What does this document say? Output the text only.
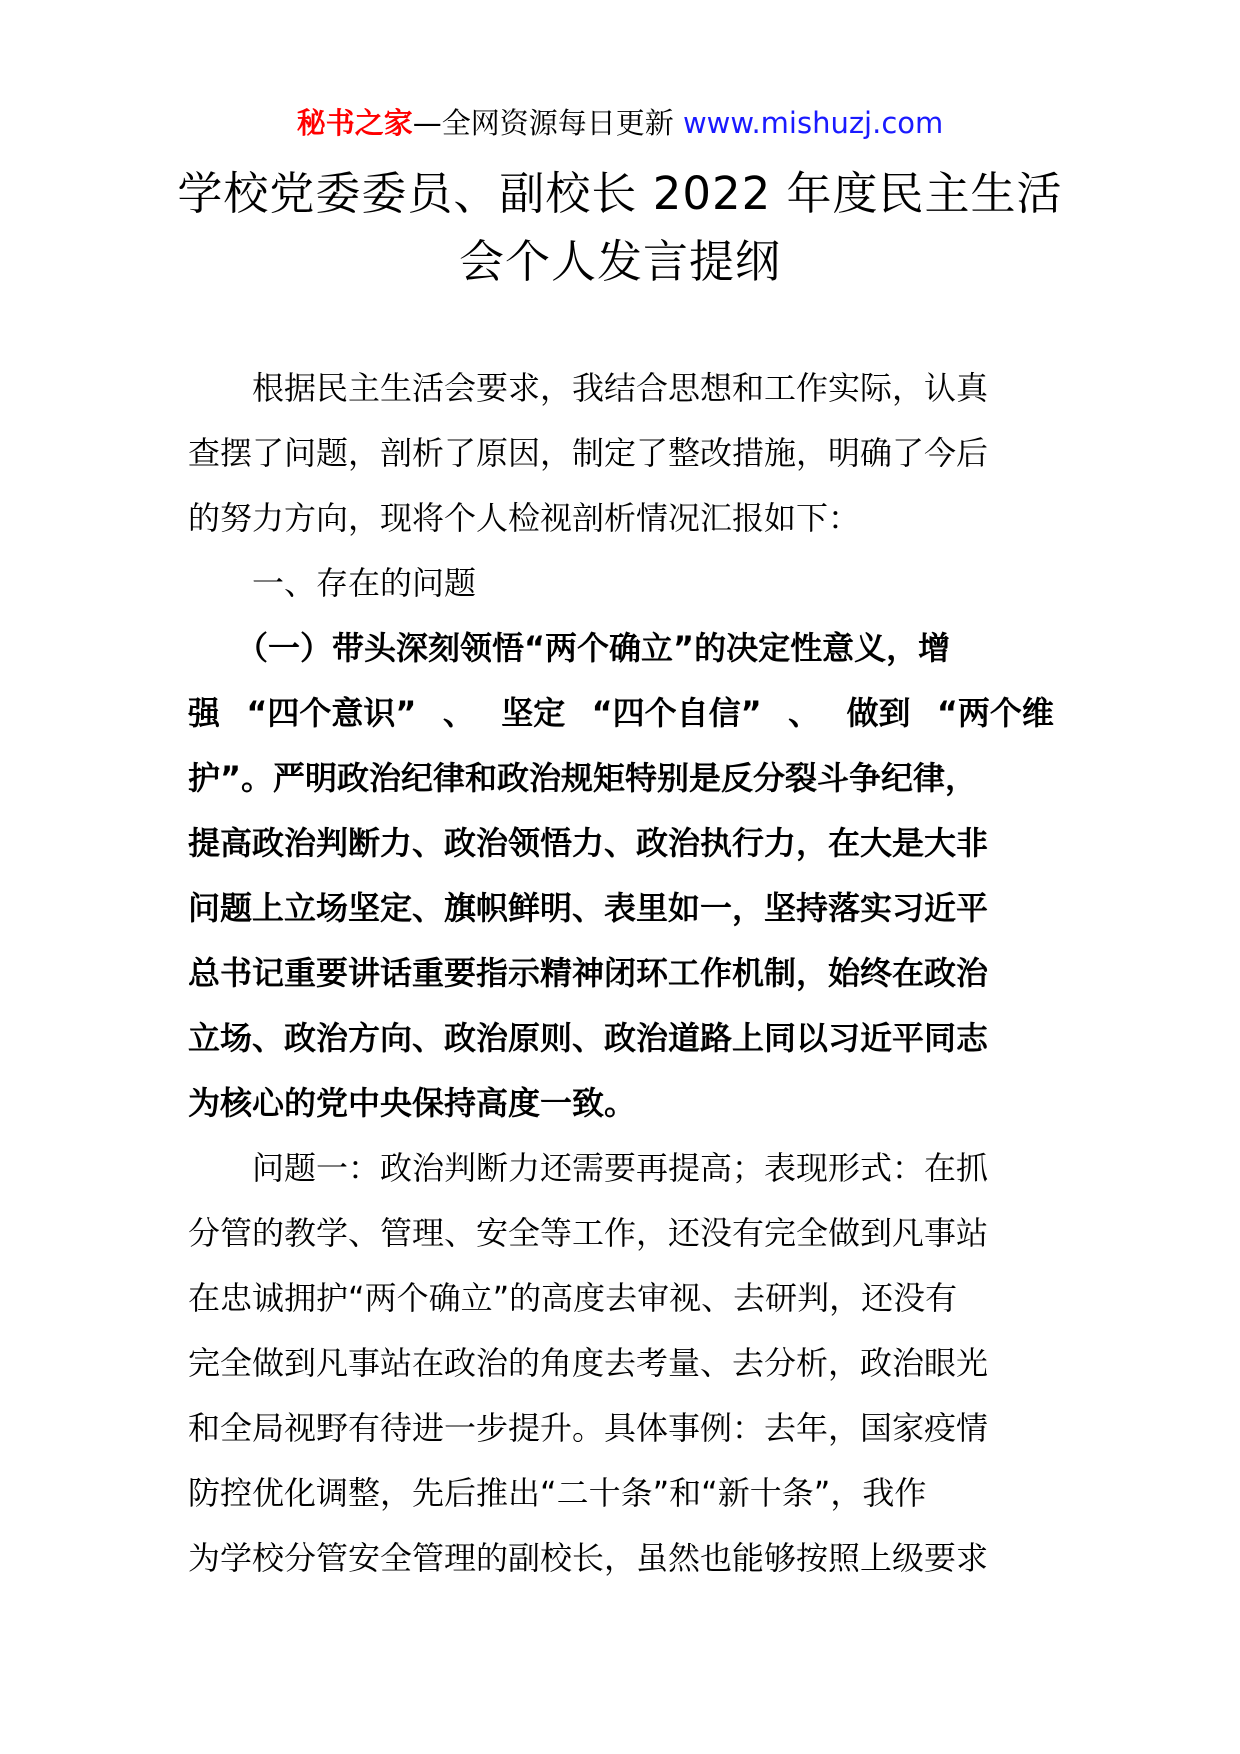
秘书之家—全网资源每日更新 www.mishuzj.com
学校党委委员、副校长 2022 年度民主生活
会个人发言提纲
根据民主生活会要求，我结合思想和工作实际，认真
查摆了问题，剖析了原因，制定了整改措施，明确了今后
的努力方向，现将个人检视剖析情况汇报如下：
一、存在的问题
（一）带头深刻领悟“两个确立”的决定性意义，增
强 “四个意识” 、 坚定 “四个自信” 、 做到 “两个维
护”。严明政治纪律和政治规矩特别是反分裂斗争纪律，
提高政治判断力、政治领悟力、政治执行力，在大是大非
问题上立场坚定、旗帜鲜明、表里如一，坚持落实习近平
总书记重要讲话重要指示精神闭环工作机制，始终在政治
立场、政治方向、政治原则、政治道路上同以习近平同志
为核心的党中央保持高度一致。
问题一：政治判断力还需要再提高；表现形式：在抓
分管的教学、管理、安全等工作，还没有完全做到凡事站
在忠诚拥护“两个确立”的高度去审视、去研判，还没有
完全做到凡事站在政治的角度去考量、去分析，政治眼光
和全局视野有待进一步提升。具体事例：去年，国家疫情
防控优化调整，先后推出“二十条”和“新十条”，我作
为学校分管安全管理的副校长，虽然也能够按照上级要求
